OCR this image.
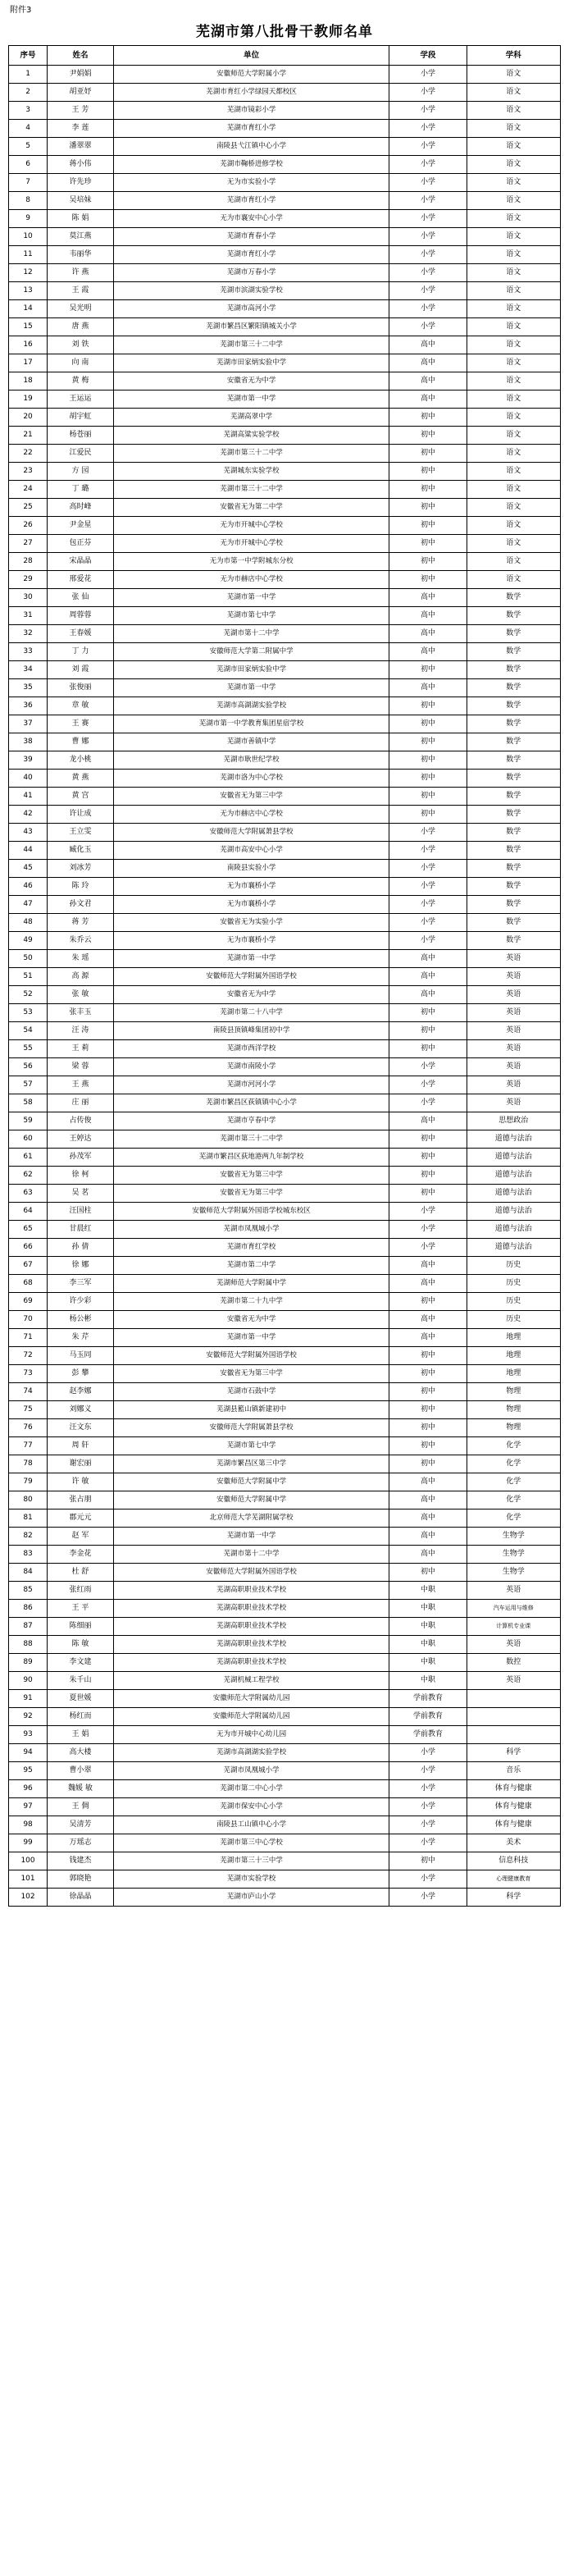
附件3
芜湖市第八批骨干教师名单
序号	姓名	单位	学段	学科
1	尹娟娟	安徽师范大学附属小学	小学	语文
2	胡亚妤	芜湖市育红小学绿园天都校区	小学	语文
3	王 芳	芜湖市镜彩小学	小学	语文
4	李 莲	芜湖市育红小学	小学	语文
5	潘翠翠	南陵县弋江镇中心小学	小学	语文
6	蒋小伟	芜湖市鞠桥进修学校	小学	语文
7	许先珍	无为市实验小学	小学	语文
8	吴培妹	芜湖市育红小学	小学	语文
9	陈 娟	无为市襄安中心小学	小学	语文
10	莫江燕	芜湖市育春小学	小学	语文
11	韦丽华	芜湖市育红小学	小学	语文
12	许 燕	芜湖市万春小学	小学	语文
13	王 霞	芜湖市滨湖实验学校	小学	语文
14	吴光明	芜湖市高河小学	小学	语文
15	唐 燕	芜湖市繁昌区繁阳镇城关小学	小学	语文
16	刘 铁	芜湖市第三十二中学	高中	语文
17	向 南	芜湖市田家炳实验中学	高中	语文
18	黄 梅	安徽省无为中学	高中	语文
19	王运运	芜湖市第一中学	高中	语文
20	胡宇虹	芜湖高翠中学	初中	语文
21	杨苍丽	芜湖高粱实验学校	初中	语文
22	江爱民	芜湖市第三十二中学	初中	语文
23	方 园	芜湖城东实验学校	初中	语文
24	丁 璐	芜湖市第三十二中学	初中	语文
25	高时峰	安徽省无为第二中学	初中	语文
26	尹金星	无为市开城中心学校	初中	语文
27	包正芬	无为市开城中心学校	初中	语文
28	宋晶晶	无为市第一中学附城东分校	初中	语文
29	邢爱花	无为市赫店中心学校	初中	语文
30	张 仙	芜湖市第一中学	高中	数学
31	周蓉蓉	芜湖市第七中学	高中	数学
32	王春媛	芜湖市第十二中学	高中	数学
33	丁 力	安徽师范大学第二附属中学	高中	数学
34	刘 霞	芜湖市田家炳实验中学	初中	数学
35	张俊丽	芜湖市第一中学	高中	数学
36	章 敏	芜湖市高湖湖实验学校	初中	数学
37	王 赛	芜湖市第一中学教育集团星宿学校	初中	数学
38	曹 娜	芜湖市善镇中学	初中	数学
39	龙小桃	芜湖市耿世纪学校	初中	数学
40	黄 燕	芜湖市洛为中心学校	初中	数学
41	黄 宫	安徽省无为第三中学	初中	数学
42	许让成	无为市赫店中心学校	初中	数学
43	王立雯	安徽师范大学附属萧县学校	小学	数学
44	臧化玉	芜湖市高安中心小学	小学	数学
45	刘冰芳	南陵县实验小学	小学	数学
46	陈 玲	无为市襄桥小学	小学	数学
47	孙文君	无为市襄桥小学	小学	数学
48	蒋 芳	安徽省无为实验小学	小学	数学
49	朱乔云	无为市襄桥小学	小学	数学
50	朱 瑶	芜湖市第一中学	高中	英语
51	高 源	安徽师范大学附属外国语学校	高中	英语
52	张 敏	安徽省无为中学	高中	英语
53	张丰玉	芜湖市第二十八中学	初中	英语
54	汪 涛	南陵县顶镇峰集团初中学	初中	英语
55	王 莉	芜湖市西洋学校	初中	英语
56	梁 蓉	芜湖市南陵小学	小学	英语
57	王 燕	芜湖市河河小学	小学	英语
58	庄 丽	芜湖市繁昌区荻镇镇中心小学	小学	英语
59	占传俊	芜湖市亨春中学	高中	思想政治
60	王婷达	芜湖市第三十二中学	初中	道德与法治
61	孙茂军	芜湖市繁昌区荻地港两九年制学校	初中	道德与法治
62	徐 柯	安徽省无为第三中学	初中	道德与法治
63	吴 茗	安徽省无为第三中学	初中	道德与法治
64	汪国柱	安徽师范大学附属外国语学校城东校区	小学	道德与法治
65	甘晨红	芜湖市凤凰城小学	小学	道德与法治
66	孙 倩	芜湖市育红学校	小学	道德与法治
67	徐 娜	芜湖市第二中学	高中	历史
68	李三军	芜湖师范大学附属中学	高中	历史
69	许少彩	芜湖市第二十九中学	初中	历史
70	杨公彬	安徽省无为中学	高中	历史
71	朱 芹	芜湖市第一中学	高中	地理
72	马玉同	安徽师范大学附属外国语学校	初中	地理
73	彭 攀	安徽省无为第三中学	初中	地理
74	赵李娜	芜湖市石鼓中学	初中	物理
75	刘娜义	芜湖县籃山镇新建初中	初中	物理
76	汪文东	安徽师范大学附属萧县学校	初中	物理
77	周 轩	芜湖市第七中学	初中	化学
78	谢宏丽	芜湖市繁昌区第三中学	初中	化学
79	许 敏	安徽师范大学附属中学	高中	化学
80	张占朋	安徽师范大学附属中学	高中	化学
81	郡元元	北京师范大学芜湖附属学校	高中	化学
82	赵 军	芜湖市第一中学	高中	生物学
83	李金花	芜湖市第十二中学	高中	生物学
84	杜 舒	安徽师范大学附属外国语学校	初中	生物学
85	张红雨	芜湖高职职业技术学校	中职	英语
86	王 平	芜湖高职职业技术学校	中职	汽车运用与维修
87	陈细丽	芜湖高职职业技术学校	中职	计算机专业课
88	陈 敏	芜湖高职职业技术学校	中职	英语
89	李文建	芜湖高职职业技术学校	中职	数控
90	朱千山	芜湖机械工程学校	中职	英语
91	夏世媛	安徽师范大学附属幼儿园	学前教育	
92	杨红而	安徽师范大学附属幼儿园	学前教育	
93	王 娟	无为市开城中心幼儿园	学前教育	
94	高大楼	芜湖市高湖湖实验学校	小学	科学
95	曹小翠	芜湖市凤凰城小学	小学	音乐
96	魏媛 敏	芜湖市第二中心小学	小学	体育与健康
97	王 倜	芜湖市保安中心小学	小学	体育与健康
98	吴清芳	南陵县工山镇中心小学	小学	体育与健康
99	万瑶志	芜湖市第三中心学校	小学	美术
100	钱建杰	芜湖市第三十三中学	初中	信息科技
101	郭晓艳	芜湖市实验学校	小学	心理健康教育
102	徐晶晶	芜湖市庐山小学	小学	科学
